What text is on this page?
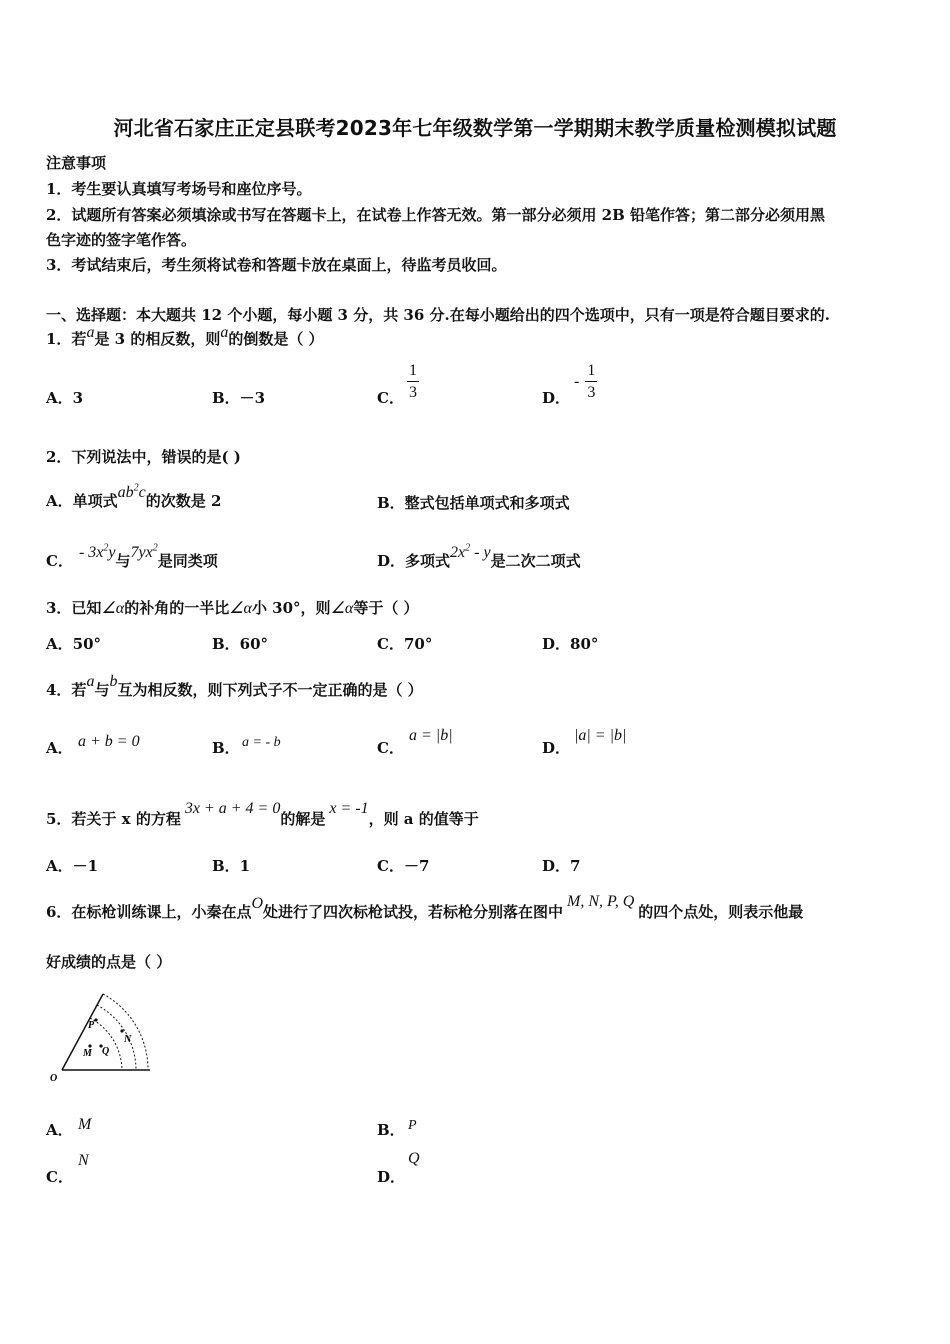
河北省石家庄正定县联考2023年七年级数学第一学期期末教学质量检测模拟试题
注意事项
1．考生要认真填写考场号和座位序号。
2．试题所有答案必须填涂或书写在答题卡上，在试卷上作答无效。第一部分必须用 2B 铅笔作答；第二部分必须用黑
色字迹的签字笔作答。
3．考试结束后，考生须将试卷和答题卡放在桌面上，待监考员收回。
一、选择题：本大题共 12 个小题，每小题 3 分，共 36 分.在每小题给出的四个选项中，只有一项是符合题目要求的.
1．若a是 3 的相反数，则a的倒数是（ ）
A．3	B．－3	C． $\frac{1}{3}$	D．
- $\frac{1}{3}$
2．下列说法中，错误的是( )
A．单项式$ab^2c$的次数是 2	B．整式包括单项式和多项式
C． - $3x^2y$与$7yx^2$是同类项	D．多项式$2x^2$ - y是二次二项式
3．已知∠α的补角的一半比∠α小 30°，则∠α等于（ ）
A．50°	B．60°	C．70°	D．80°
4．若a与b互为相反数，则下列式子不一定正确的是（ ）
A． a + b = 0	B． a = - b	C．
a = |b|
D．
|a| = |b|
5．若关于 x 的方程3x + a + 4 = 0的解是x = -1，则 a 的值等于
A．－1	B．1	C．－7	D．7
6．在标枪训练课上，小秦在点O处进行了四次标枪试投，若标枪分别落在图中M, N, P, Q的四个点处，则表示他最
好成绩的点是（ ）
P
N
M Q
O
A． M	B． P
C．
N
D．
Q
